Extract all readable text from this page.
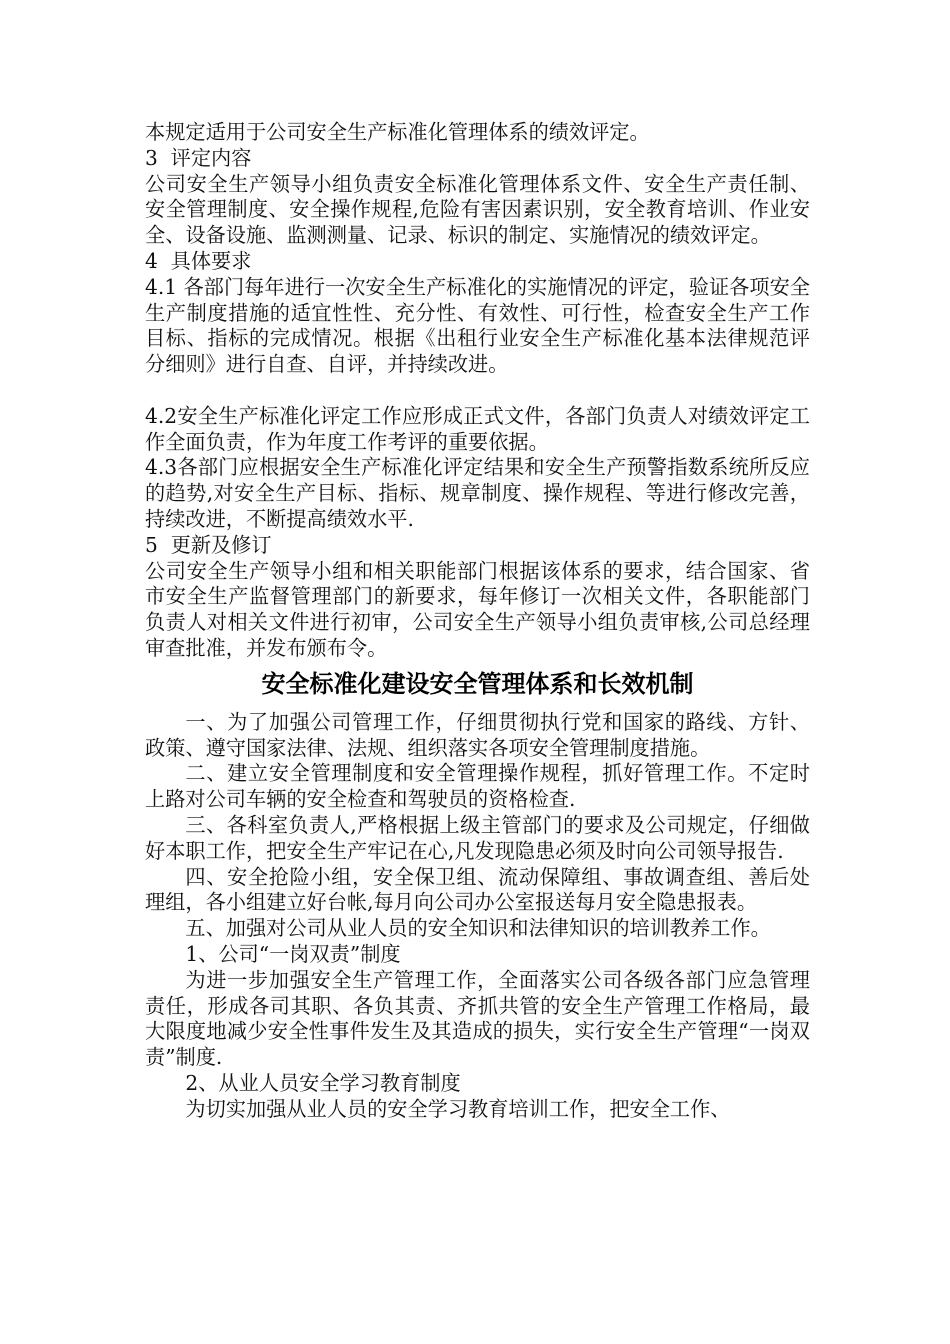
本规定适用于公司安全生产标准化管理体系的绩效评定。

3  评定内容

公司安全生产领导小组负责安全标准化管理体系文件、安全生产责任制、安全管理制度、安全操作规程,危险有害因素识别，安全教育培训、作业安全、设备设施、监测测量、记录、标识的制定、实施情况的绩效评定。

4  具体要求

4.1 各部门每年进行一次安全生产标准化的实施情况的评定，验证各项安全生产制度措施的适宜性性、充分性、有效性、可行性，检查安全生产工作目标、指标的完成情况。根据《出租行业安全生产标准化基本法律规范评分细则》进行自查、自评，并持续改进。

4.2安全生产标准化评定工作应形成正式文件，各部门负责人对绩效评定工作全面负责，作为年度工作考评的重要依据。

4.3各部门应根据安全生产标准化评定结果和安全生产预警指数系统所反应的趋势,对安全生产目标、指标、规章制度、操作规程、等进行修改完善，持续改进，不断提高绩效水平.

5  更新及修订

公司安全生产领导小组和相关职能部门根据该体系的要求，结合国家、省市安全生产监督管理部门的新要求，每年修订一次相关文件，各职能部门负责人对相关文件进行初审，公司安全生产领导小组负责审核,公司总经理审查批准，并发布颁布令。

安全标准化建设安全管理体系和长效机制

一、为了加强公司管理工作，仔细贯彻执行党和国家的路线、方针、政策、遵守国家法律、法规、组织落实各项安全管理制度措施。

二、建立安全管理制度和安全管理操作规程，抓好管理工作。不定时上路对公司车辆的安全检查和驾驶员的资格检查.

三、各科室负责人,严格根据上级主管部门的要求及公司规定，仔细做好本职工作，把安全生产牢记在心,凡发现隐患必须及时向公司领导报告.

四、安全抢险小组，安全保卫组、流动保障组、事故调查组、善后处理组，各小组建立好台帐,每月向公司办公室报送每月安全隐患报表。

五、加强对公司从业人员的安全知识和法律知识的培训教养工作。

1、公司“一岗双责”制度

为进一步加强安全生产管理工作，全面落实公司各级各部门应急管理责任，形成各司其职、各负其责、齐抓共管的安全生产管理工作格局，最大限度地减少安全性事件发生及其造成的损失，实行安全生产管理“一岗双责”制度.

2、从业人员安全学习教育制度

为切实加强从业人员的安全学习教育培训工作，把安全工作、
